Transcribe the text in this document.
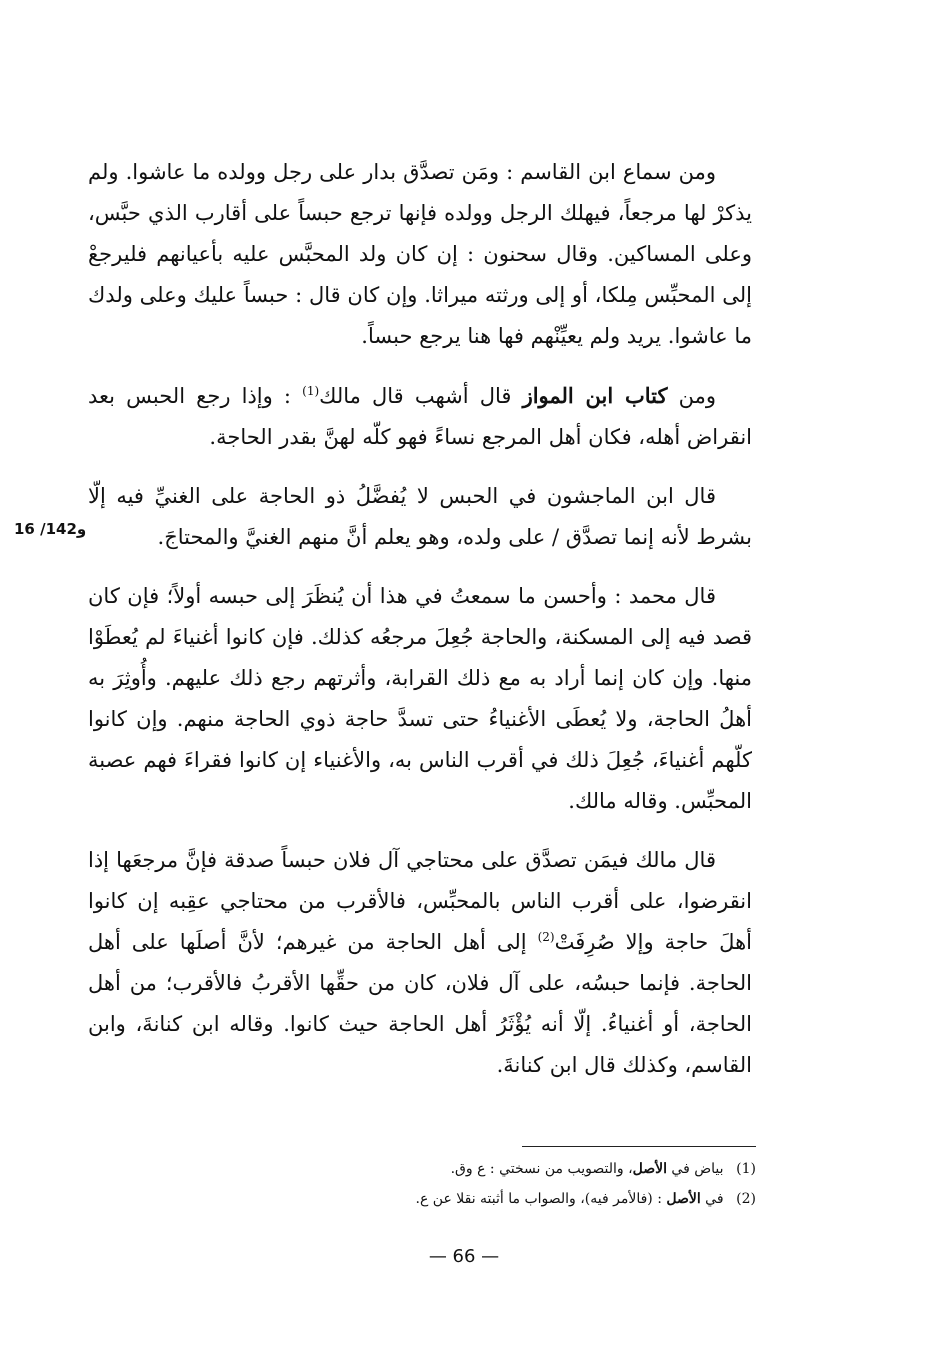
ومن سماع ابن القاسم : ومَن تصدَّق بدار على رجل وولده ما عاشوا. ولم يذكرْ لها مرجعاً، فيهلك الرجل وولده فإنها ترجع حبساً على أقارب الذي حبَّس، وعلى المساكين. وقال سحنون : إن كان ولد المحبَّس عليه بأعيانهم فليرجعْ إلى المحبِّس مِلكا، أو إلى ورثته ميراثا. وإن كان قال : حبساً عليك وعلى ولدك ما عاشوا. يريد ولم يعيِّنْهم فها هنا يرجع حبساً.

ومن كتاب ابن المواز قال أشهب قال مالك$^{(1)}$ : وإذا رجع الحبس بعد انقراض أهله، فكان أهل المرجع نساءً فهو كلّه لهنَّ بقدر الحاجة.

قال ابن الماجشون في الحبس لا يُفضَّلُ ذو الحاجة على الغنيِّ فيه إلّا بشرط لأنه إنما تصدَّق / على ولده، وهو يعلم أنَّ منهم الغنيَّ والمحتاجَ.

قال محمد : وأحسن ما سمعتُ في هذا أن يُنظَرَ إلى حبسه أولاً؛ فإن كان قصد فيه إلى المسكنة، والحاجة جُعِلَ مرجعُه كذلك. فإن كانوا أغنياءَ لم يُعطَوْا منها. وإن كان إنما أراد به مع ذلك القرابة، وأثرتهم رجع ذلك عليهم. وأُوثِرَ به أهلُ الحاجة، ولا يُعطَى الأغنياءُ حتى تسدَّ حاجة ذوي الحاجة منهم. وإن كانوا كلّهم أغنياءَ، جُعِلَ ذلك في أقرب الناس به، والأغنياء إن كانوا فقراءَ فهم عصبة المحبِّس. وقاله مالك.

قال مالك فيمَن تصدَّق على محتاجي آل فلان حبساً صدقة فإنَّ مرجعَها إذا انقرضوا، على أقرب الناس بالمحبِّس، فالأقرب من محتاجي عقِبه إن كانوا أهلَ حاجة وإلا صُرِفَتْ$^{(2)}$ إلى أهل الحاجة من غيرهم؛ لأنَّ أصلَها على أهل الحاجة. فإنما حبسُه، على آل فلان، كان من حقِّها الأقربُ فالأقرب؛ من أهل الحاجة، أو أغنياءُ. إلّا أنه يُؤْثَرُ أهل الحاجة حيث كانوا. وقاله ابن كنانةَ، وابن القاسم، وكذلك قال ابن كنانةَ.

16 /142و
(1) بياض في الأصل، والتصويب من نسختي : ع وق.
(2) في الأصل : (فالأمر فيه)، والصواب ما أثبته نقلا عن ع.
— 66 —
